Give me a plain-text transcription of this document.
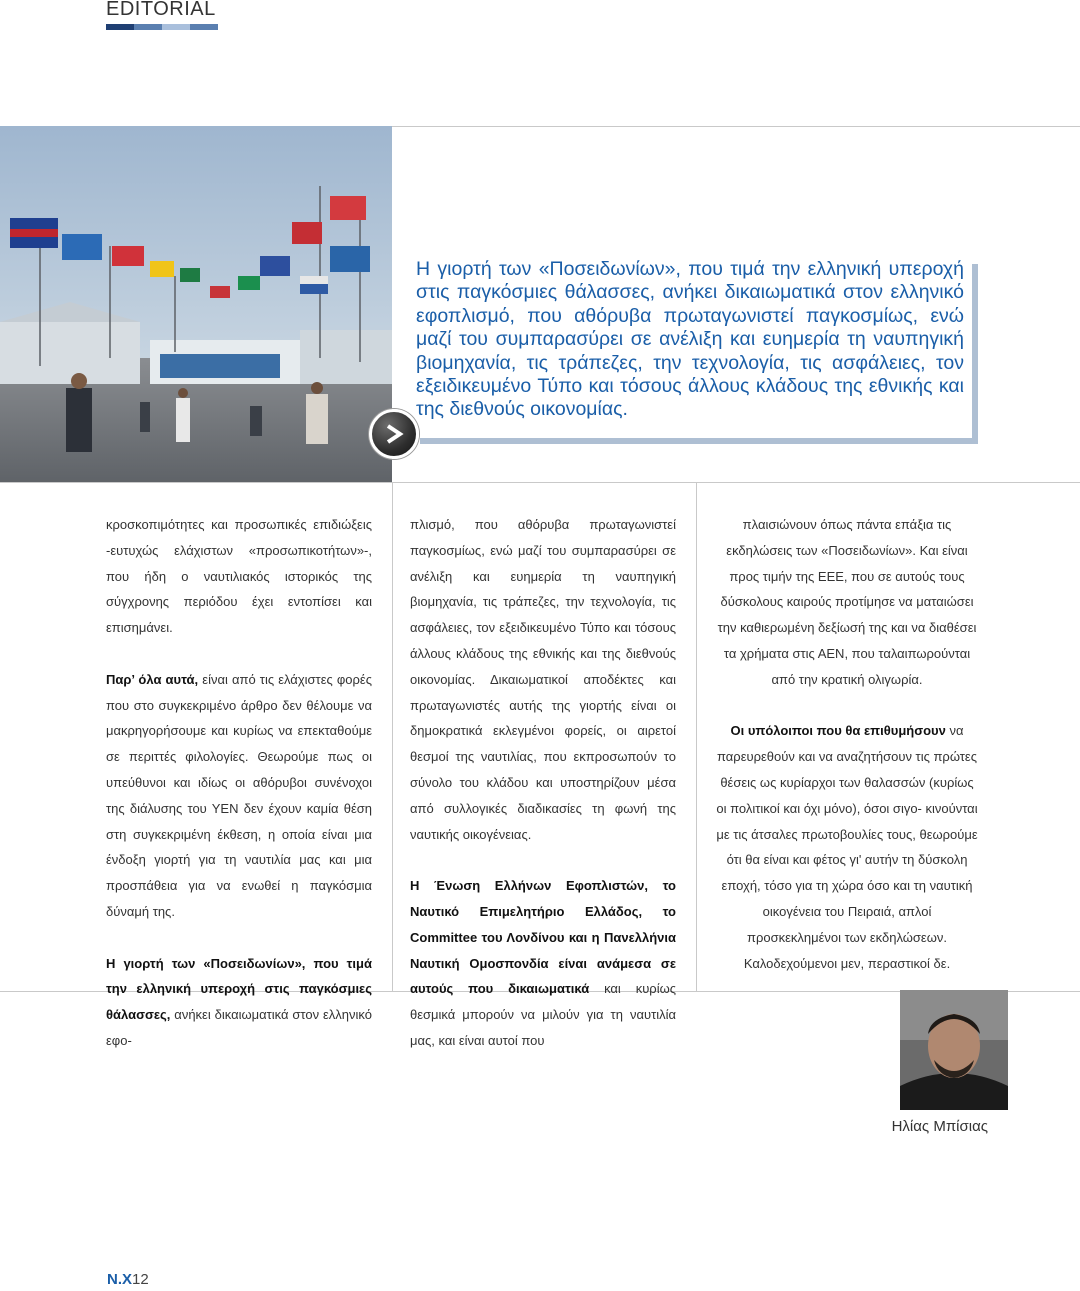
EDITORIAL

Η γιορτή των «Ποσειδωνίων», που τιμά την ελληνική υπεροχή στις παγκόσμιες θάλασσες, ανήκει δικαιωματικά στον ελληνικό εφοπλισμό, που αθόρυβα πρωταγωνιστεί παγκοσμίως, ενώ μαζί του συμπαρασύρει σε ανέλιξη και ευημερία τη ναυπηγική βιομηχανία, τις τράπεζες, την τεχνολογία, τις ασφάλειες, τον εξειδικευμένο Τύπο και τόσους άλλους κλάδους της εθνικής και της διεθνούς οικονομίας.

κροσκοπιμότητες και προσωπικές επιδιώξεις -ευτυχώς ελάχιστων «προσωπικοτήτων»-, που ήδη ο ναυτιλιακός ιστορικός της σύγχρονης περιόδου έχει εντοπίσει και επισημάνει.

Παρ’ όλα αυτά, είναι από τις ελάχιστες φορές που στο συγκεκριμένο άρθρο δεν θέλουμε να μακρηγορήσουμε και κυρίως να επεκταθούμε σε περιττές φιλολογίες. Θεωρούμε πως οι υπεύθυνοι και ιδίως οι αθόρυβοι συνένοχοι της διάλυσης του ΥΕΝ δεν έχουν καμία θέση στη συγκεκριμένη έκθεση, η οποία είναι μια ένδοξη γιορτή για τη ναυτιλία μας και μια προσπάθεια για να ενωθεί η παγκόσμια δύναμή της.

Η γιορτή των «Ποσειδωνίων», που τιμά την ελληνική υπεροχή στις παγκόσμιες θάλασσες, ανήκει δικαιωματικά στον ελληνικό εφο-

πλισμό, που αθόρυβα πρωταγωνιστεί παγκοσμίως, ενώ μαζί του συμπαρασύρει σε ανέλιξη και ευημερία τη ναυπηγική βιομηχανία, τις τράπεζες, την τεχνολογία, τις ασφάλειες, τον εξειδικευμένο Τύπο και τόσους άλλους κλάδους της εθνικής και της διεθνούς οικονομίας. Δικαιωματικοί αποδέκτες και πρωταγωνιστές αυτής της γιορτής είναι οι δημοκρατικά εκλεγμένοι φορείς, οι αιρετοί θεσμοί της ναυτιλίας, που εκπροσωπούν το σύνολο του κλάδου και υποστηρίζουν μέσα από συλλογικές διαδικασίες τη φωνή της ναυτικής οικογένειας.

Η Ένωση Ελλήνων Εφοπλιστών, το Ναυτικό Επιμελητήριο Ελλάδος, το Committee του Λονδίνου και η Πανελλήνια Ναυτική Ομοσπονδία είναι ανάμεσα σε αυτούς που δικαιωματικά και κυρίως θεσμικά μπορούν να μιλούν για τη ναυτιλία μας, και είναι αυτοί που

πλαισιώνουν όπως πάντα επάξια τις εκδηλώσεις των «Ποσειδωνίων». Και είναι προς τιμήν της ΕΕΕ, που σε αυτούς τους δύσκολους καιρούς προτίμησε να ματαιώσει την καθιερωμένη δεξίωσή της και να διαθέσει τα χρήματα στις ΑΕΝ, που ταλαιπωρούνται από την κρατική ολιγωρία.

Οι υπόλοιποι που θα επιθυμήσουν να παρευρεθούν και να αναζητήσουν τις πρώτες θέσεις ως κυρίαρχοι των θαλασσών (κυρίως οι πολιτικοί και όχι μόνο), όσοι σιγο- κινούνται με τις άτσαλες πρωτοβουλίες τους, θεωρούμε ότι θα είναι και φέτος γι' αυτήν τη δύσκολη εποχή, τόσο για τη χώρα όσο και τη ναυτική οικογένεια του Πειραιά, απλοί προσκεκλημένοι των εκδηλώσεων. Καλοδεχούμενοι μεν, περαστικοί δε.

Ηλίας Μπίσιας
N.X12
